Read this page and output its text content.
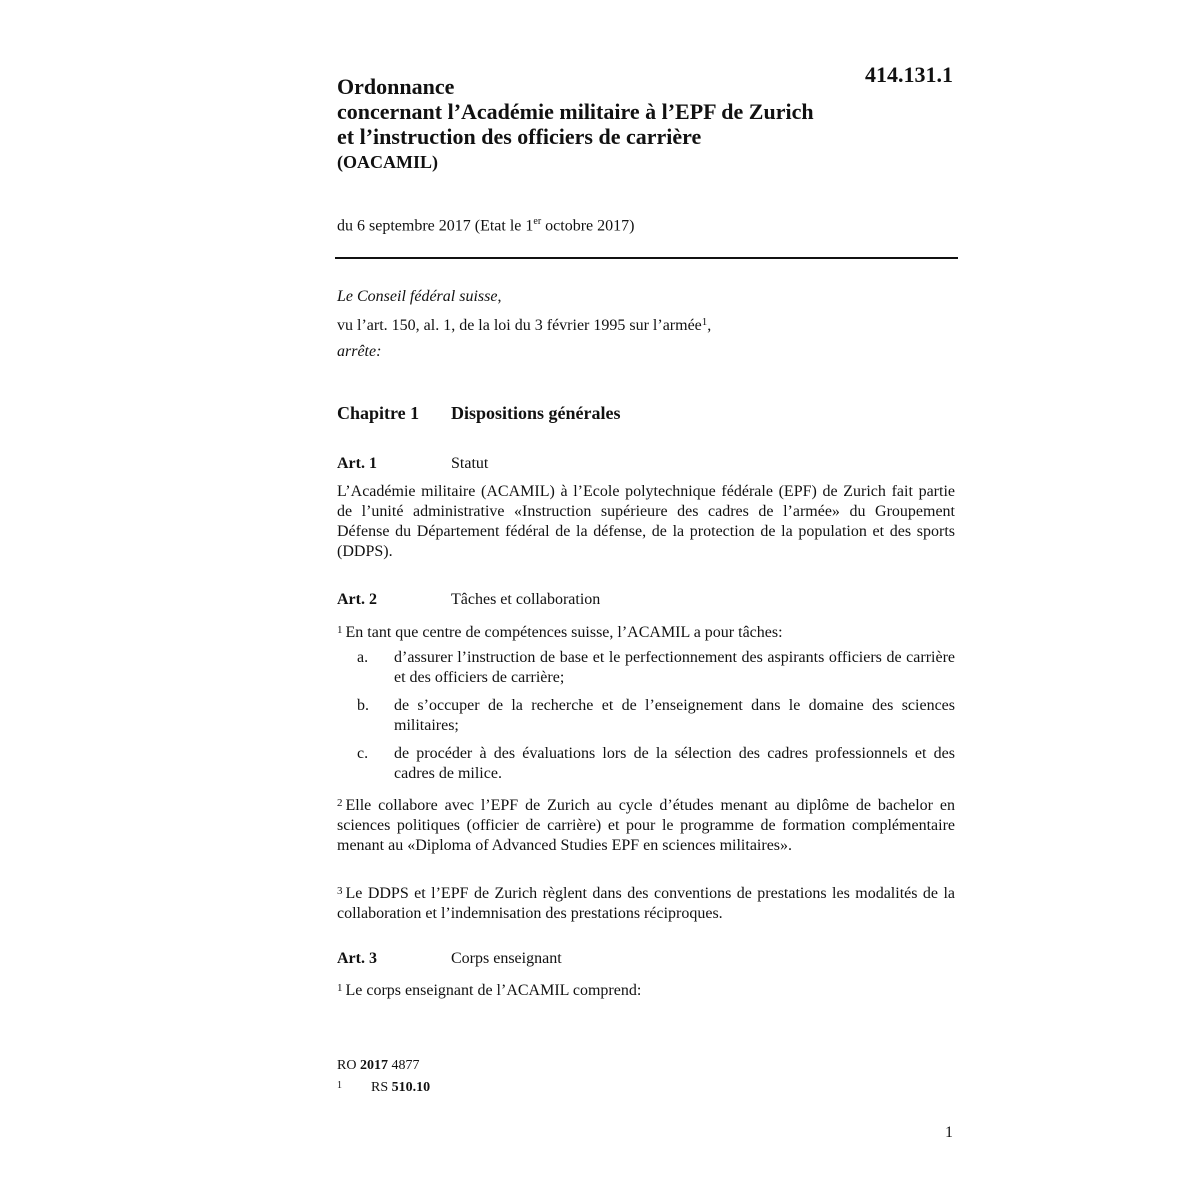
414.131.1
Ordonnance
concernant l’Académie militaire à l’EPF de Zurich
et l’instruction des officiers de carrière
(OACAMIL)
du 6 septembre 2017 (Etat le 1er octobre 2017)
Le Conseil fédéral suisse,
vu l’art. 150, al. 1, de la loi du 3 février 1995 sur l’armée$^1$,
arrête:
Chapitre 1 Dispositions générales
Art. 1	Statut
L’Académie militaire (ACAMIL) à l’Ecole polytechnique fédérale (EPF) de Zurich fait partie de l’unité administrative «Instruction supérieure des cadres de l’armée» du Groupement Défense du Département fédéral de la défense, de la protection de la population et des sports (DDPS).
Art. 2	Tâches et collaboration
$^1$ En tant que centre de compétences suisse, l’ACAMIL a pour tâches:
a. d’assurer l’instruction de base et le perfectionnement des aspirants officiers de carrière et des officiers de carrière;
b. de s’occuper de la recherche et de l’enseignement dans le domaine des sciences militaires;
c. de procéder à des évaluations lors de la sélection des cadres professionnels et des cadres de milice.
$^2$ Elle collabore avec l’EPF de Zurich au cycle d’études menant au diplôme de bachelor en sciences politiques (officier de carrière) et pour le programme de formation complémentaire menant au «Diploma of Advanced Studies EPF en sciences militaires».
$^3$ Le DDPS et l’EPF de Zurich règlent dans des conventions de prestations les modalités de la collaboration et l’indemnisation des prestations réciproques.
Art. 3	Corps enseignant
$^1$ Le corps enseignant de l’ACAMIL comprend:
RO 2017 4877
$^1$ RS 510.10
1
